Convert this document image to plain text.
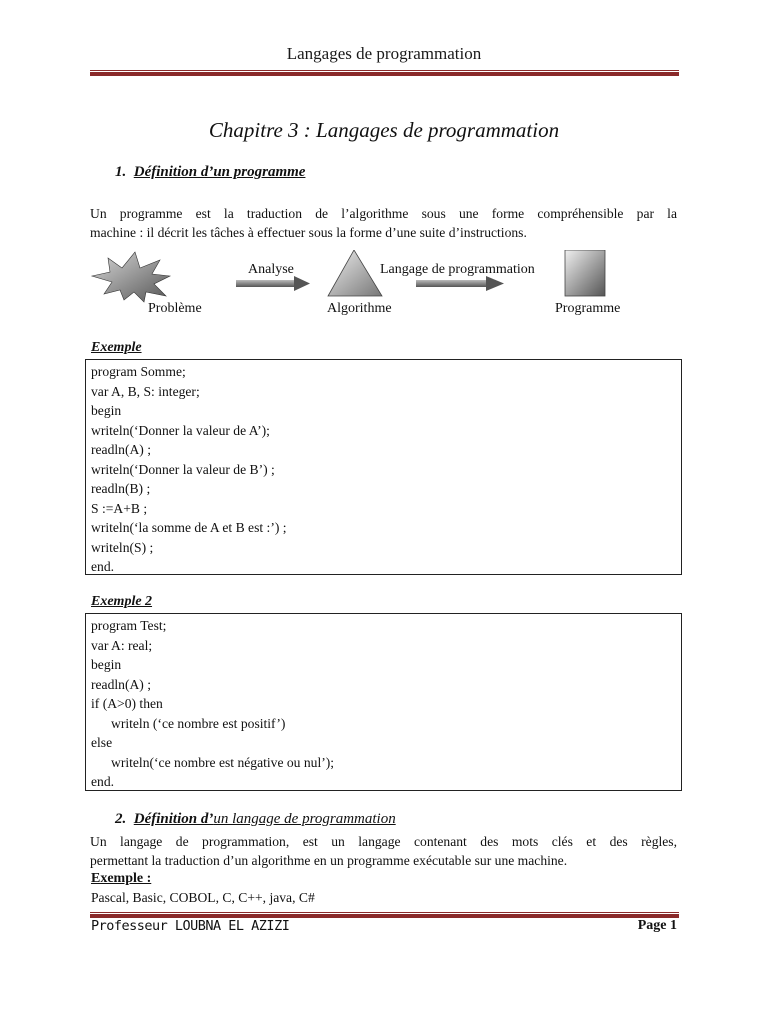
Langages de programmation
Chapitre 3 : Langages de programmation
1. Définition d’un programme
Un programme est la traduction de l’algorithme sous une forme compréhensible par la
machine : il décrit les tâches à effectuer sous la forme d’une suite d’instructions.
Analyse	Langage de programmation
Problème	Algorithme	Programme
Exemple
program Somme;
var A, B, S: integer;
begin
writeln(‘Donner la valeur de A’);
readln(A) ;
writeln(‘Donner la valeur de B’) ;
readln(B) ;
S :=A+B ;
writeln(‘la somme de A et B est :’) ;
writeln(S) ;
end.
Exemple 2
program Test;
var A: real;
begin
readln(A) ;
if (A>0) then
writeln (‘ce nombre est positif’)
else
writeln(‘ce nombre est négative ou nul’);
end.
2. Définition d’un langage de programmation
Un langage de programmation, est un langage contenant des mots clés et des règles,
permettant la traduction d’un algorithme en un programme exécutable sur une machine.
Exemple :
Pascal, Basic, COBOL, C, C++, java, C#
Professeur LOUBNA EL AZIZI	Page 1
